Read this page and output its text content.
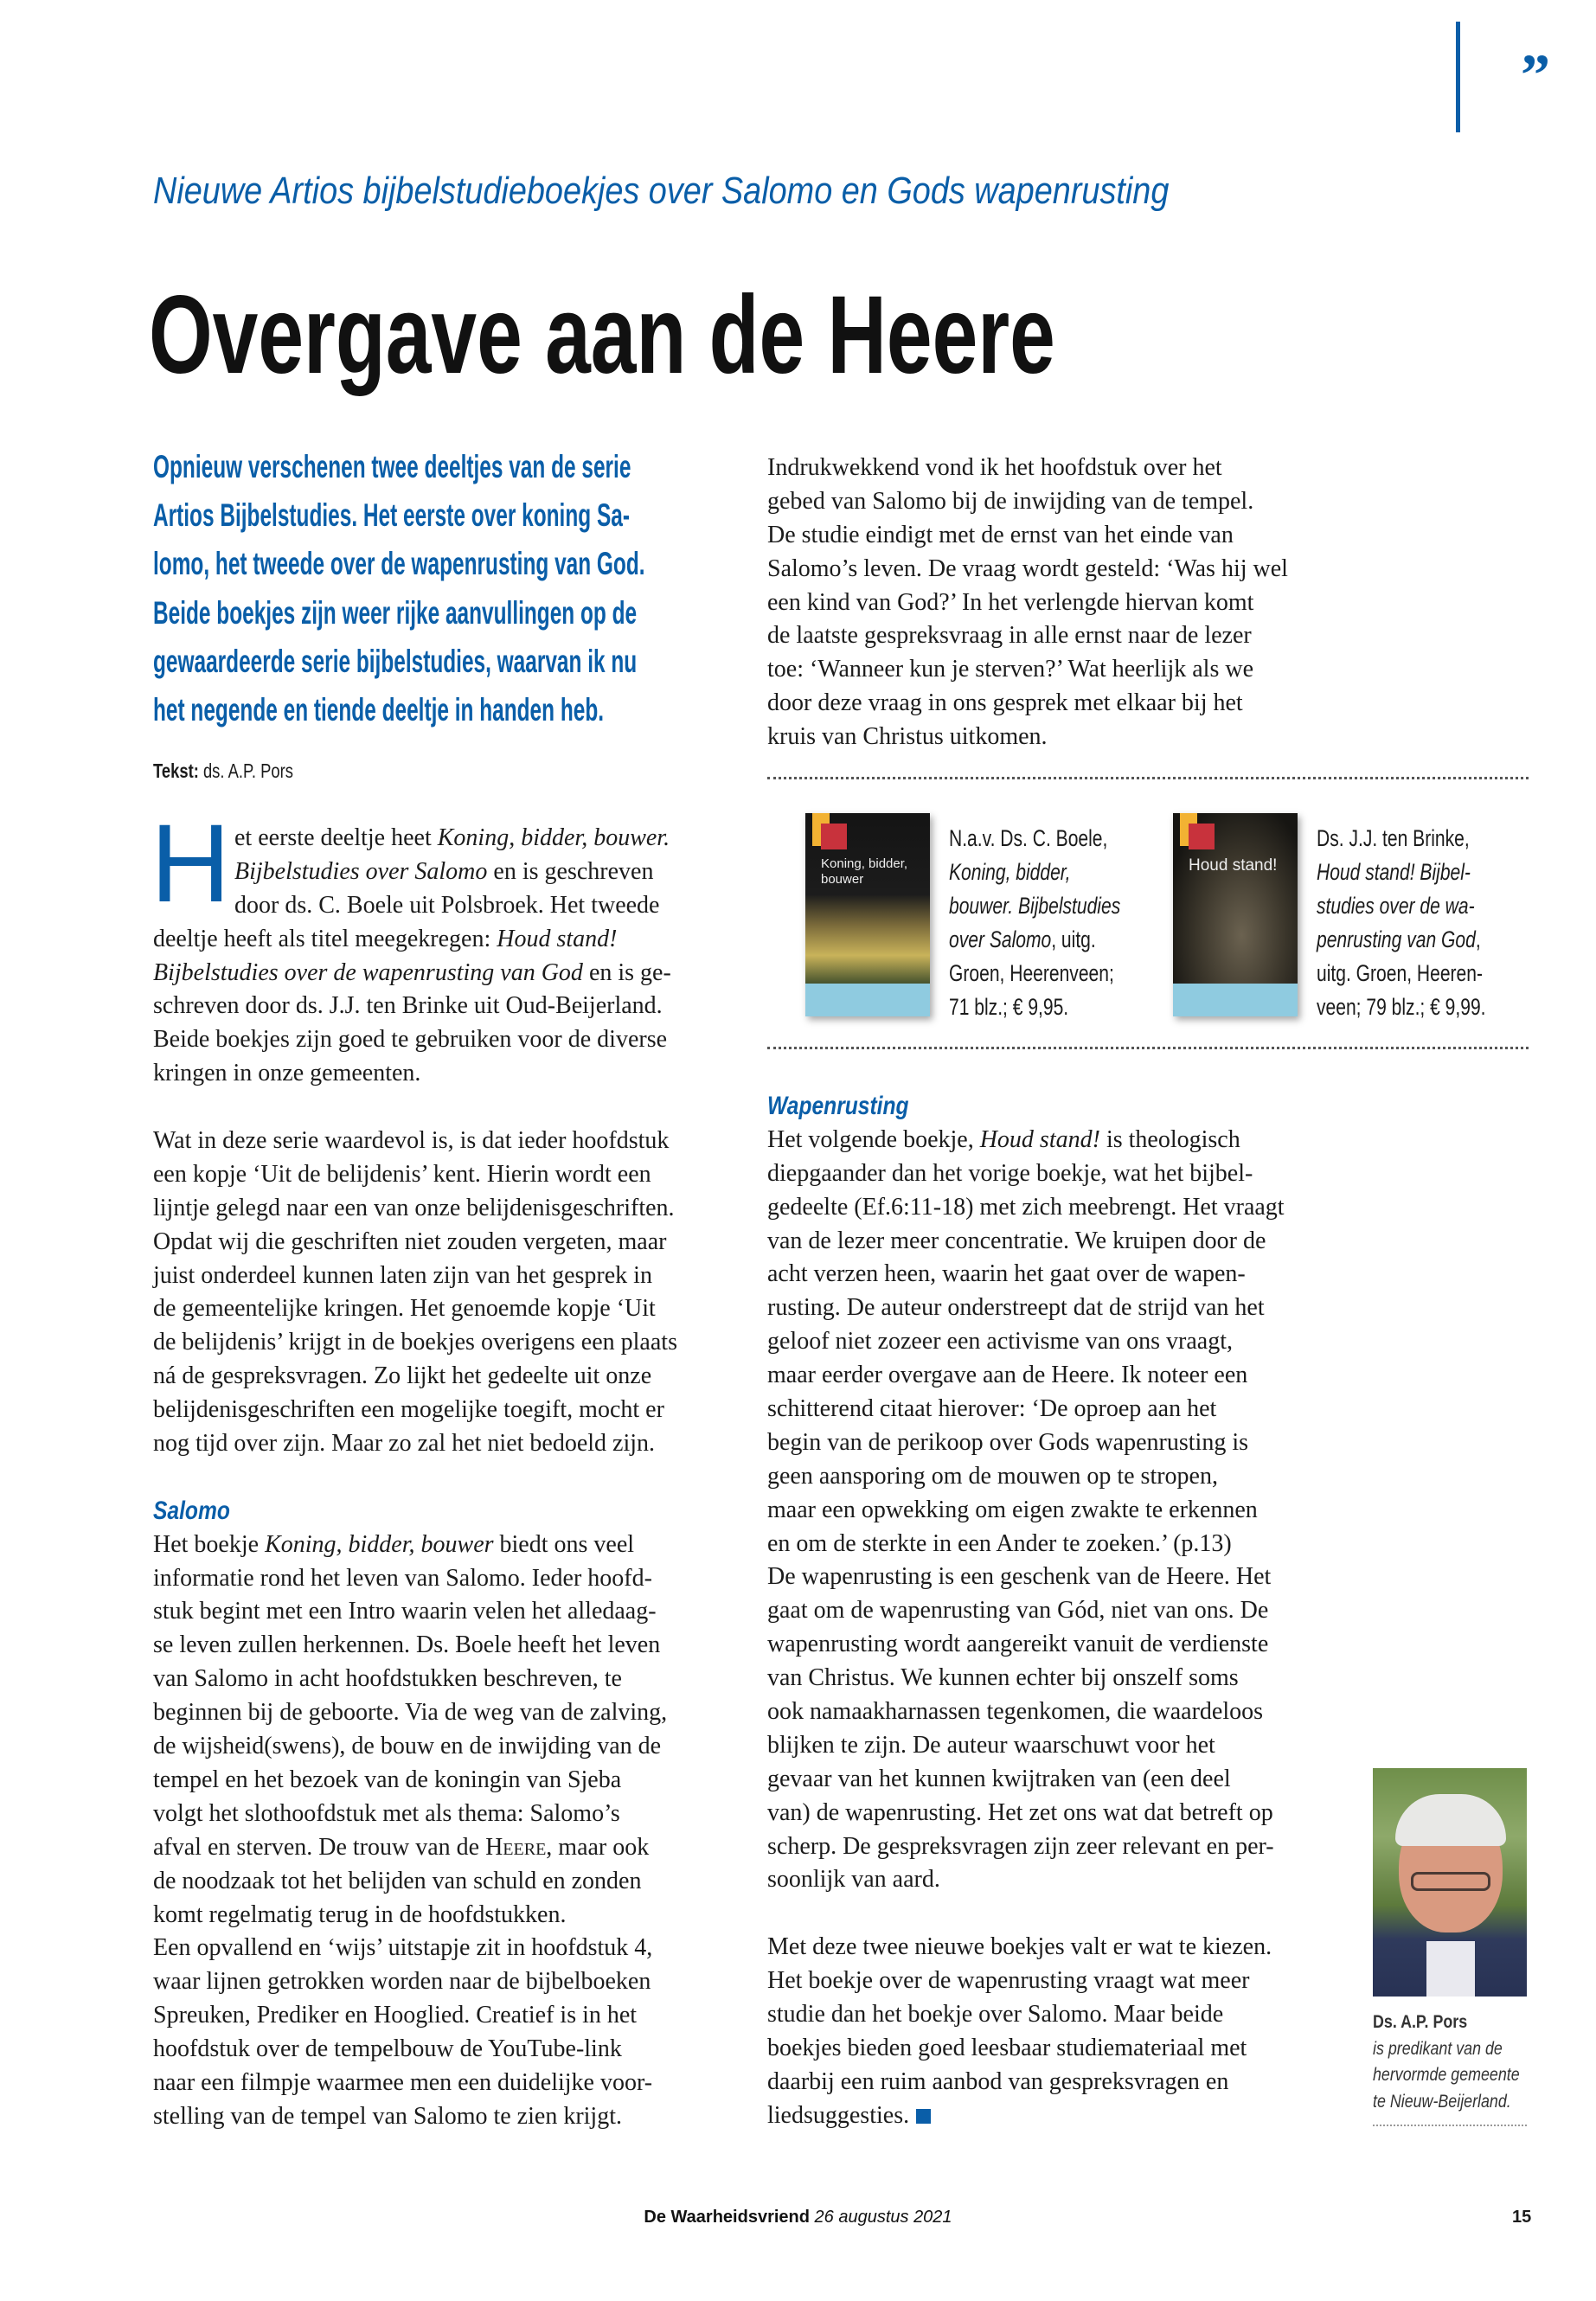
”
Nieuwe Artios bijbelstudieboekjes over Salomo en Gods wapenrusting
Overgave aan de Heere
Opnieuw verschenen twee deeltjes van de serie
Artios Bijbelstudies. Het eerste over koning Sa-
lomo, het tweede over de wapenrusting van God.
Beide boekjes zijn weer rijke aanvullingen op de
gewaardeerde serie bijbelstudies, waarvan ik nu
het negende en tiende deeltje in handen heb.
Tekst: ds. A.P. Pors
H et eerste deeltje heet Koning, bidder, bouwer.
Bijbelstudies over Salomo en is geschreven
door ds. C. Boele uit Polsbroek. Het tweede
deeltje heeft als titel meegekregen: Houd stand!
Bijbelstudies over de wapenrusting van God en is ge-
schreven door ds. J.J. ten Brinke uit Oud-Beijerland.
Beide boekjes zijn goed te gebruiken voor de diverse
kringen in onze gemeenten.

Wat in deze serie waardevol is, is dat ieder hoofdstuk
een kopje ‘Uit de belijdenis’ kent. Hierin wordt een
lijntje gelegd naar een van onze belijdenisgeschriften.
Opdat wij die geschriften niet zouden vergeten, maar
juist onderdeel kunnen laten zijn van het gesprek in
de gemeentelijke kringen. Het genoemde kopje ‘Uit
de belijdenis’ krijgt in de boekjes overigens een plaats
ná de gespreksvragen. Zo lijkt het gedeelte uit onze
belijdenisgeschriften een mogelijke toegift, mocht er
nog tijd over zijn. Maar zo zal het niet bedoeld zijn.

Salomo
Het boekje Koning, bidder, bouwer biedt ons veel
informatie rond het leven van Salomo. Ieder hoofd-
stuk begint met een Intro waarin velen het alledaag-
se leven zullen herkennen. Ds. Boele heeft het leven
van Salomo in acht hoofdstukken beschreven, te
beginnen bij de geboorte. Via de weg van de zalving,
de wijsheid(swens), de bouw en de inwijding van de
tempel en het bezoek van de koningin van Sjeba
volgt het slothoofdstuk met als thema: Salomo’s
afval en sterven. De trouw van de Heere, maar ook
de noodzaak tot het belijden van schuld en zonden
komt regelmatig terug in de hoofdstukken.
Een opvallend en ‘wijs’ uitstapje zit in hoofdstuk 4,
waar lijnen getrokken worden naar de bijbelboeken
Spreuken, Prediker en Hooglied. Creatief is in het
hoofdstuk over de tempelbouw de YouTube-link
naar een filmpje waarmee men een duidelijke voor-
stelling van de tempel van Salomo te zien krijgt.
Indrukwekkend vond ik het hoofdstuk over het
gebed van Salomo bij de inwijding van de tempel.
De studie eindigt met de ernst van het einde van
Salomo’s leven. De vraag wordt gesteld: ‘Was hij wel
een kind van God?’ In het verlengde hiervan komt
de laatste gespreksvraag in alle ernst naar de lezer
toe: ‘Wanneer kun je sterven?’ Wat heerlijk als we
door deze vraag in ons gesprek met elkaar bij het
kruis van Christus uitkomen.
Koning, bidder, bouwer
N.a.v. Ds. C. Boele,
Koning, bidder,
bouwer. Bijbelstudies
over Salomo, uitg.
Groen, Heerenveen;
71 blz.; € 9,95.
Houd stand!
Ds. J.J. ten Brinke,
Houd stand! Bijbel-
studies over de wa-
penrusting van God,
uitg. Groen, Heeren-
veen; 79 blz.; € 9,99.
Wapenrusting
Het volgende boekje, Houd stand! is theologisch
diepgaander dan het vorige boekje, wat het bijbel-
gedeelte (Ef.6:11-18) met zich meebrengt. Het vraagt
van de lezer meer concentratie. We kruipen door de
acht verzen heen, waarin het gaat over de wapen-
rusting. De auteur onderstreept dat de strijd van het
geloof niet zozeer een activisme van ons vraagt,
maar eerder overgave aan de Heere. Ik noteer een
schitterend citaat hierover: ‘De oproep aan het
begin van de perikoop over Gods wapenrusting is
geen aansporing om de mouwen op te stropen,
maar een opwekking om eigen zwakte te erkennen
en om de sterkte in een Ander te zoeken.’ (p.13)
De wapenrusting is een geschenk van de Heere. Het
gaat om de wapenrusting van Gód, niet van ons. De
wapenrusting wordt aangereikt vanuit de verdienste
van Christus. We kunnen echter bij onszelf soms
ook namaakharnassen tegenkomen, die waardeloos
blijken te zijn. De auteur waarschuwt voor het
gevaar van het kunnen kwijtraken van (een deel
van) de wapenrusting. Het zet ons wat dat betreft op
scherp. De gespreksvragen zijn zeer relevant en per-
soonlijk van aard.

Met deze twee nieuwe boekjes valt er wat te kiezen.
Het boekje over de wapenrusting vraagt wat meer
studie dan het boekje over Salomo. Maar beide
boekjes bieden goed leesbaar studiemateriaal met
daarbij een ruim aanbod van gespreksvragen en
liedsuggesties.
Ds. A.P. Pors
is predikant van de
hervormde gemeente
te Nieuw-Beijerland.
De Waarheidsvriend 26 augustus 2021	15
